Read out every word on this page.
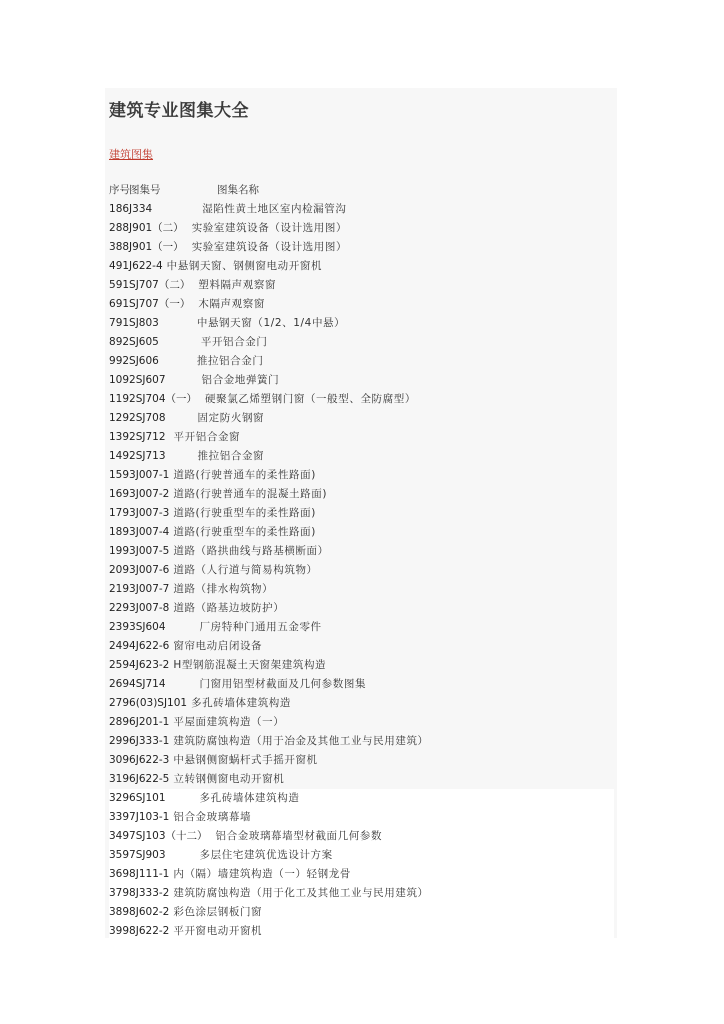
建筑专业图集大全
建筑图集
序号图集号	图集名称
186J334	湿陷性黄土地区室内检漏管沟
288J901（二） 实验室建筑设备（设计选用图）
388J901（一） 实验室建筑设备（设计选用图）
491J622-4 中悬钢天窗、钢侧窗电动开窗机
591SJ707（二） 塑料隔声观察窗
691SJ707（一） 木隔声观察窗
791SJ803	中悬钢天窗（1/2、1/4中悬）
892SJ605	平开铝合金门
992SJ606	推拉铝合金门
1092SJ607	铝合金地弹簧门
1192SJ704（一） 硬聚氯乙烯塑钢门窗（一般型、全防腐型）
1292SJ708	固定防火钢窗
1392SJ712 平开铝合金窗
1492SJ713	推拉铝合金窗
1593J007-1 道路(行驶普通车的柔性路面)
1693J007-2 道路(行驶普通车的混凝土路面)
1793J007-3 道路(行驶重型车的柔性路面)
1893J007-4 道路(行驶重型车的柔性路面)
1993J007-5 道路（路拱曲线与路基横断面）
2093J007-6 道路（人行道与简易构筑物）
2193J007-7 道路（排水构筑物）
2293J007-8 道路（路基边坡防护）
2393SJ604	厂房特种门通用五金零件
2494J622-6 窗帘电动启闭设备
2594J623-2 H型钢筋混凝土天窗架建筑构造
2694SJ714	门窗用铝型材截面及几何参数图集
2796(03)SJ101 多孔砖墙体建筑构造
2896J201-1 平屋面建筑构造（一）
2996J333-1 建筑防腐蚀构造（用于冶金及其他工业与民用建筑）
3096J622-3 中悬钢侧窗蜗杆式手摇开窗机
3196J622-5 立转钢侧窗电动开窗机
3296SJ101	多孔砖墙体建筑构造
3397J103-1 铝合金玻璃幕墙
3497SJ103（十二） 铝合金玻璃幕墙型材截面几何参数
3597SJ903	多层住宅建筑优选设计方案
3698J111-1 内（隔）墙建筑构造（一）轻钢龙骨
3798J333-2 建筑防腐蚀构造（用于化工及其他工业与民用建筑）
3898J602-2 彩色涂层钢板门窗
3998J622-2 平开窗电动开窗机
